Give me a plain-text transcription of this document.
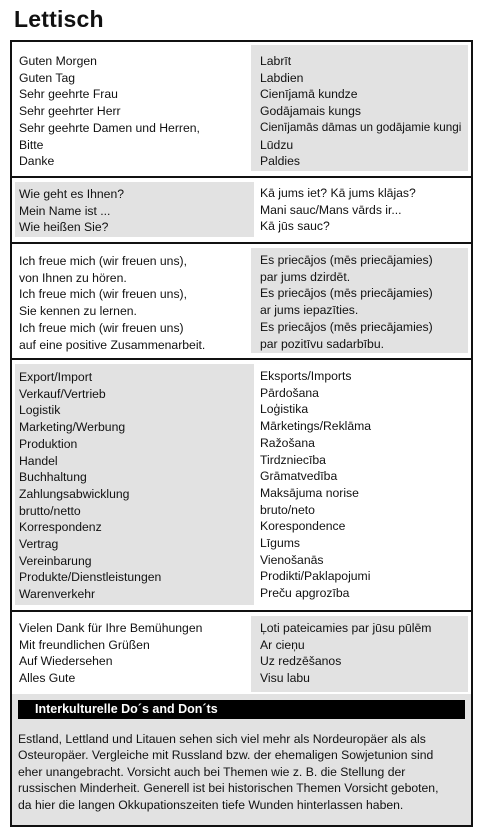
Lettisch
Guten Morgen
Guten Tag
Sehr geehrte Frau
Sehr geehrter Herr
Sehr geehrte Damen und Herren,
Bitte
Danke
Labrīt
Labdien
Cienījamā kundze
Godājamais kungs
Cienījamās dāmas un godājamie kungi
Lūdzu
Paldies
Wie geht es Ihnen?
Mein Name ist ...
Wie heißen Sie?
Kā jums iet? Kā jums klājas?
Mani sauc/Mans vārds ir...
Kā jūs sauc?
Ich freue mich (wir freuen uns),
von Ihnen zu hören.
Ich freue mich (wir freuen uns),
Sie kennen zu lernen.
Ich freue mich (wir freuen uns)
auf eine positive Zusammenarbeit.
Es priecājos (mēs priecājamies)
par jums dzirdēt.
Es priecājos (mēs priecājamies)
ar jums iepazīties.
Es priecājos (mēs priecājamies)
par pozitīvu sadarbību.
Export/Import
Verkauf/Vertrieb
Logistik
Marketing/Werbung
Produktion
Handel
Buchhaltung
Zahlungsabwicklung
brutto/netto
Korrespondenz
Vertrag
Vereinbarung
Produkte/Dienstleistungen
Warenverkehr
Eksports/Imports
Pārdošana
Loģistika
Mārketings/Reklāma
Ražošana
Tirdzniecība
Grāmatvedība
Maksājuma norise
bruto/neto
Korespondence
Līgums
Vienošanās
Prodikti/Paklapojumi
Preču apgrozība
Vielen Dank für Ihre Bemühungen
Mit freundlichen Grüßen
Auf Wiedersehen
Alles Gute
Ļoti pateicamies par jūsu pūlēm
Ar cieņu
Uz redzēšanos
Visu labu
Interkulturelle Do´s and Don´ts
Estland, Lettland und Litauen sehen sich viel mehr als Nordeuropäer als als
Osteuropäer. Vergleiche mit Russland bzw. der ehemaligen Sowjetunion sind
eher unangebracht. Vorsicht auch bei Themen wie z. B. die Stellung der
russischen Minderheit. Generell ist bei historischen Themen Vorsicht geboten,
da hier die langen Okkupationszeiten tiefe Wunden hinterlassen haben.
